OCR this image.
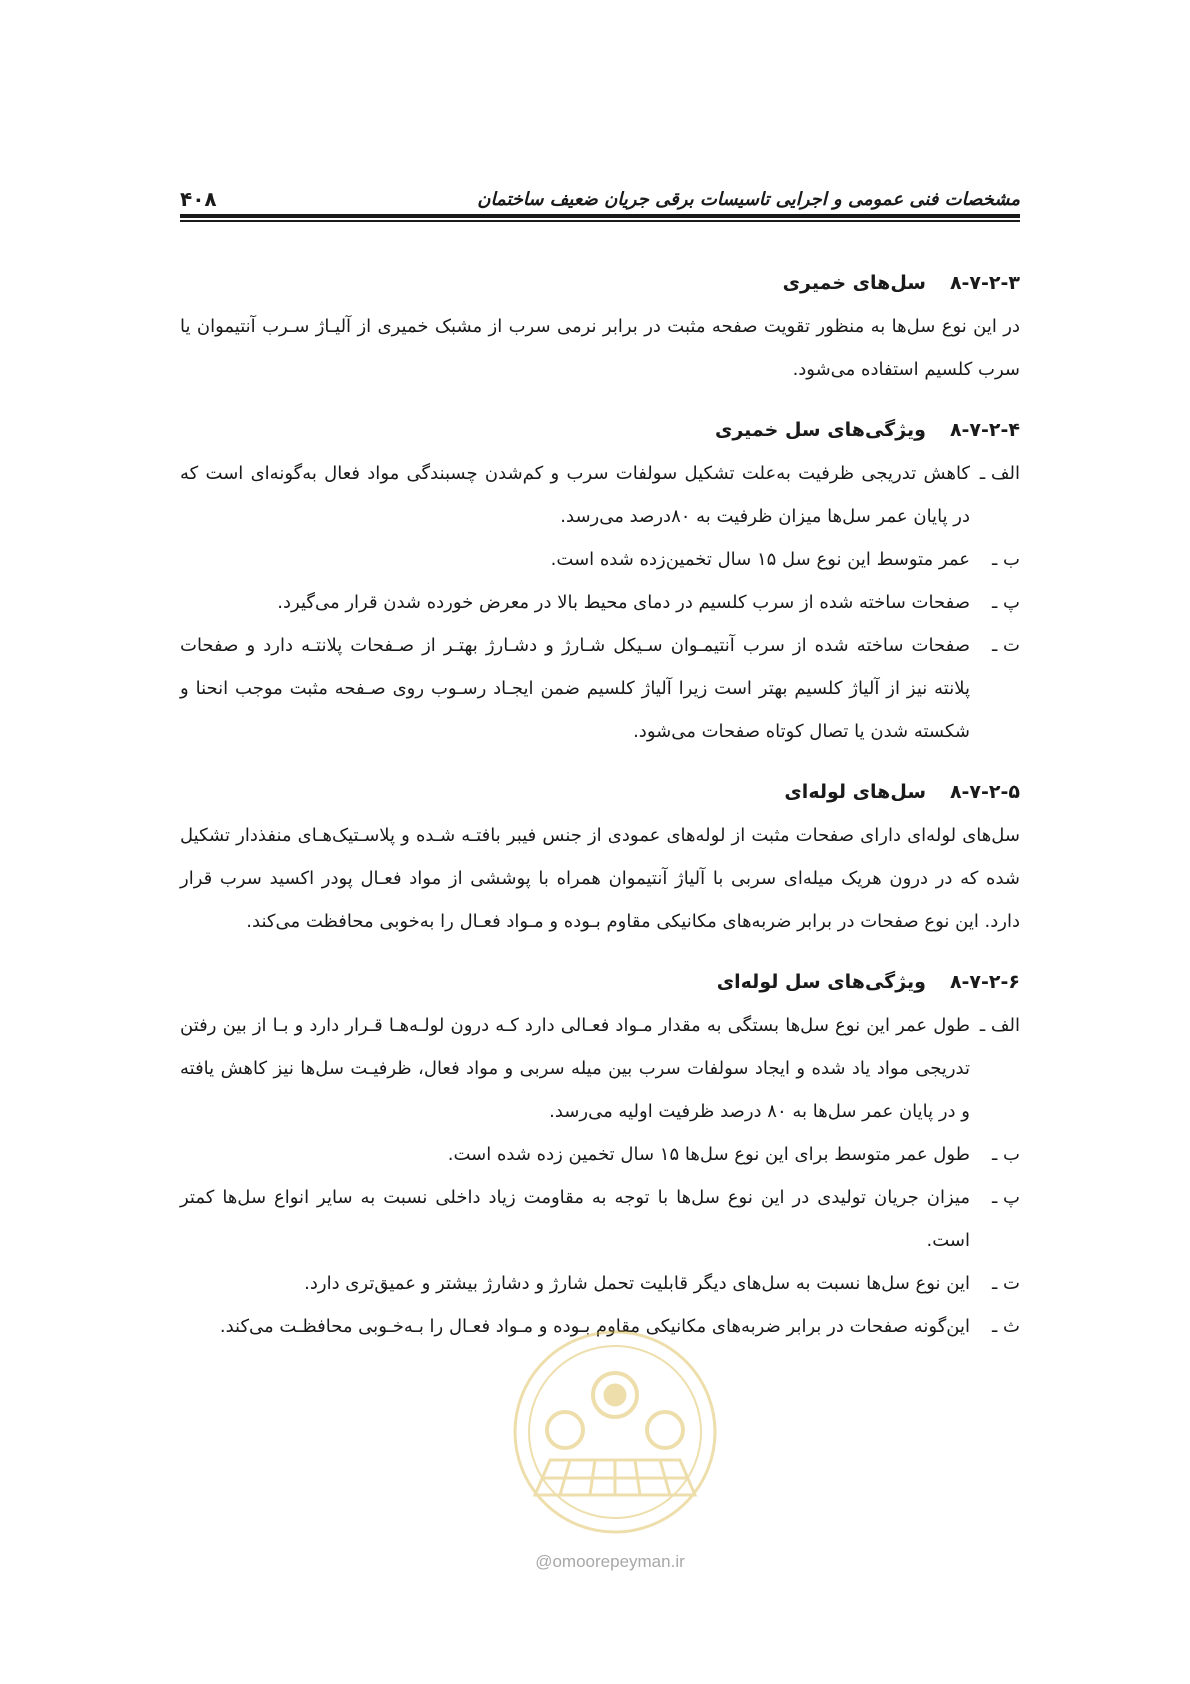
مشخصات فنی عمومی و اجرایی تاسیسات برقی جریان ضعیف ساختمان
۴۰۸
۸-۷-۲-۳سل‌های خمیری

در این نوع سل‌ها به منظور تقویت صفحه مثبت در برابر نرمی سرب از مشبک خمیری از آلیـاژ سـرب آنتیموان یا سرب کلسیم استفاده می‌شود.

۸-۷-۲-۴ویژگی‌های سل خمیری
الف ـ
کاهش تدریجی ظرفیت به‌علت تشکیل سولفات سرب و کم‌شدن چسبندگی مواد فعال به‌گونه‌ای است که در پایان عمر سل‌ها میزان ظرفیت به ۸۰درصد می‌رسد.
ب ـ
عمر متوسط این نوع سل ۱۵ سال تخمین‌زده شده است.
پ ـ
صفحات ساخته شده از سرب کلسیم در دمای محیط بالا در معرض خورده شدن قرار می‌گیرد.
ت ـ
صفحات ساخته شده از سرب آنتیمـوان سـیکل شـارژ و دشـارژ بهتـر از صـفحات پلانتـه دارد و صفحات پلانته نیز از آلیاژ کلسیم بهتر است زیرا آلیاژ کلسیم ضمن ایجـاد رسـوب روی صـفحه مثبت موجب انحنا و شکسته شدن یا تصال کوتاه صفحات می‌شود.
۸-۷-۲-۵سل‌های لوله‌ای

سل‌های لوله‌ای دارای صفحات مثبت از لوله‌های عمودی از جنس فیبر بافتـه شـده و پلاسـتیک‌هـای منفذدار تشکیل شده که در درون هریک میله‌ای سربی با آلیاژ آنتیموان همراه با پوششی از مواد فعـال پودر اکسید سرب قرار دارد. این نوع صفحات در برابر ضربه‌های مکانیکی مقاوم بـوده و مـواد فعـال را به‌خوبی محافظت می‌کند.

۸-۷-۲-۶ویژگی‌های سل لوله‌ای
الف ـ
طول عمر این نوع سل‌ها بستگی به مقدار مـواد فعـالی دارد کـه درون لولـه‌هـا قـرار دارد و بـا از بین رفتن تدریجی مواد یاد شده و ایجاد سولفات سرب بین میله سربی و مواد فعال، ظرفیـت سل‌ها نیز کاهش یافته و در پایان عمر سل‌ها به ۸۰ درصد ظرفیت اولیه می‌رسد.
ب ـ
طول عمر متوسط برای این نوع سل‌ها ۱۵ سال تخمین زده شده است.
پ ـ
میزان جریان تولیدی در این نوع سل‌ها با توجه به مقاومت زیاد داخلی نسبت به سایر انواع سل‌ها کمتر است.
ت ـ
این نوع سل‌ها نسبت به سل‌های دیگر قابلیت تحمل شارژ و دشارژ بیشتر و عمیق‌تری دارد.
ث ـ
این‌گونه صفحات در برابر ضربه‌های مکانیکی مقاوم بـوده و مـواد فعـال را بـه‌خـوبی محافظـت می‌کند.
@omoorepeyman.ir
